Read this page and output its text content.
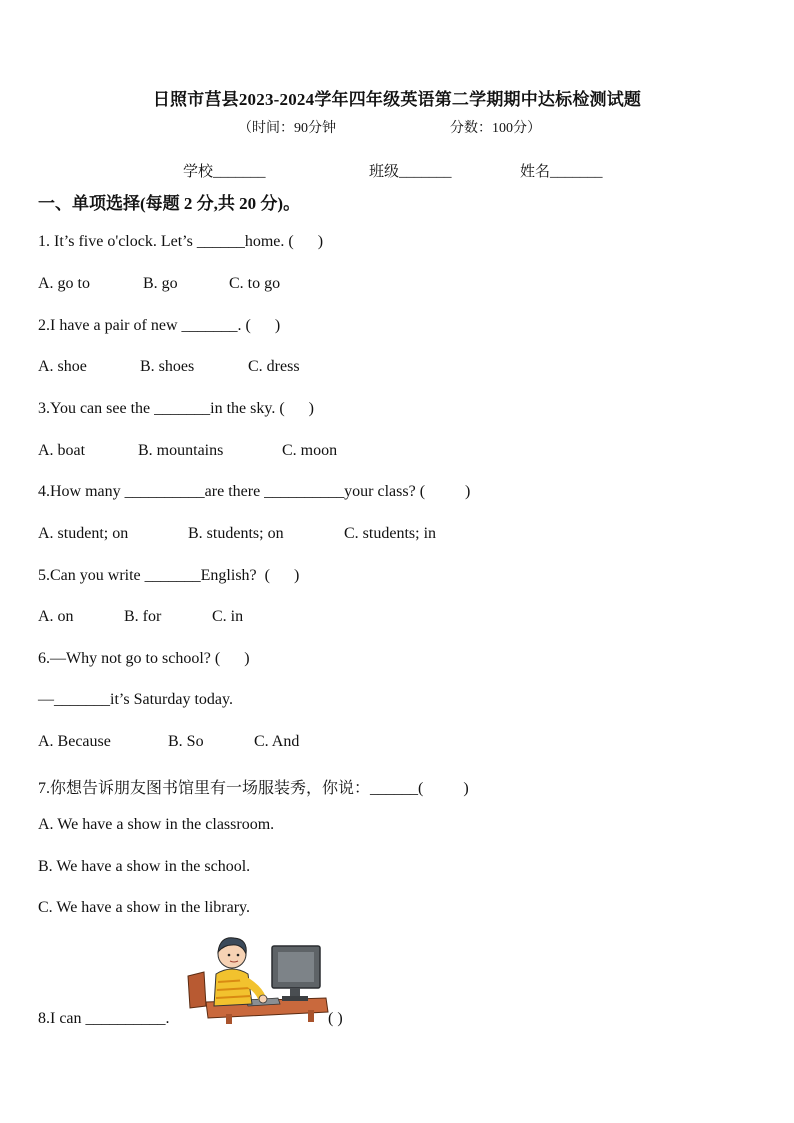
日照市莒县2023-2024学年四年级英语第二学期期中达标检测试题
（时间：90分钟	分数：100分）
学校_______	班级_______	姓名_______
一、单项选择(每题 2 分,共 20 分)。
1. It’s five o'clock. Let’s ______home. (      )
A. go to	B. go	C. to go
2.I have a pair of new _______. (      )
A. shoe	B. shoes	C. dress
3.You can see the _______in the sky. (      )
A. boat	B. mountains	C. moon
4.How many __________are there __________your class? (          )
A. student; on	B. students; on	C. students; in
5.Can you write _______English?  (      )
A. on	B. for	C. in
6.—Why not go to school? (      )
—_______it’s Saturday today.
A. Because	B. So	C. And
7.你想告诉朋友图书馆里有一场服装秀，你说：______(          )
A. We have a show in the classroom.
B. We have a show in the school.
C. We have a show in the library.
8.I can __________.	( )
